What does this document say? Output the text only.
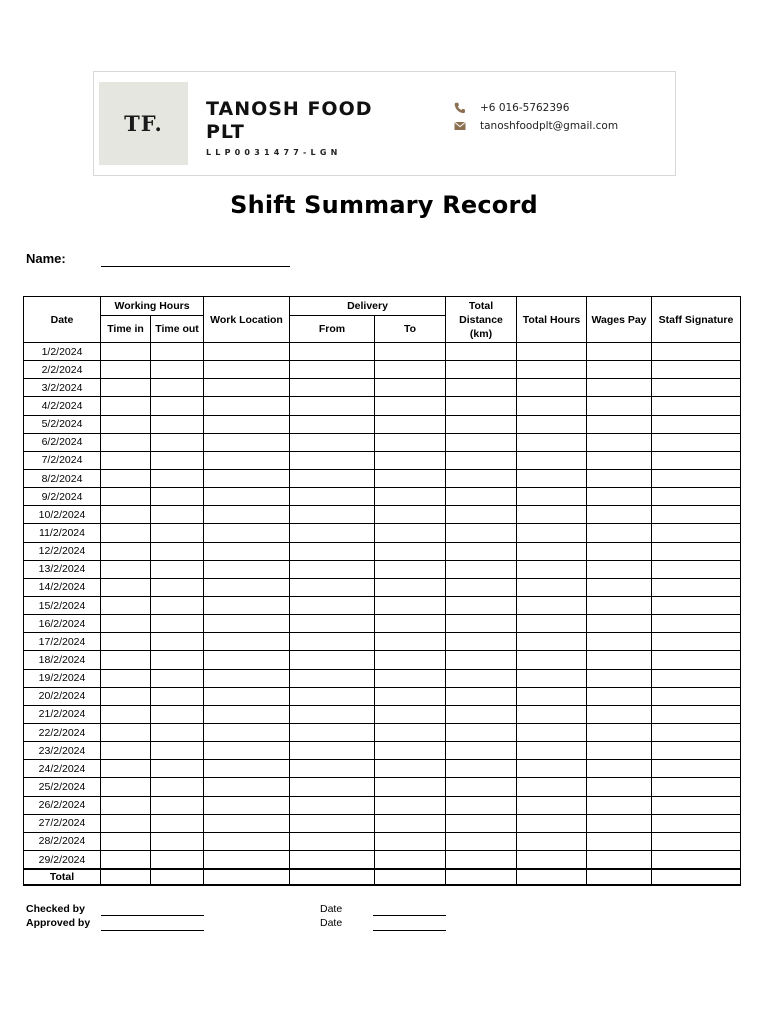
TF.
TANOSH FOOD
PLT
LLP0031477-LGN
+6 016-5762396
tanoshfoodplt@gmail.com
Shift Summary Record
Name:
Date	Working Hours		Work Location	Delivery		Total Distance (km)	Total Hours	Wages Pay	Staff Signature
	Time in	Time out		From	To				
1/2/2024									
2/2/2024									
3/2/2024									
4/2/2024									
5/2/2024									
6/2/2024									
7/2/2024									
8/2/2024									
9/2/2024									
10/2/2024									
11/2/2024									
12/2/2024									
13/2/2024									
14/2/2024									
15/2/2024									
16/2/2024									
17/2/2024									
18/2/2024									
19/2/2024									
20/2/2024									
21/2/2024									
22/2/2024									
23/2/2024									
24/2/2024									
25/2/2024									
26/2/2024									
27/2/2024									
28/2/2024									
29/2/2024									
Total									
Checked by
Approved by
Date
Date
